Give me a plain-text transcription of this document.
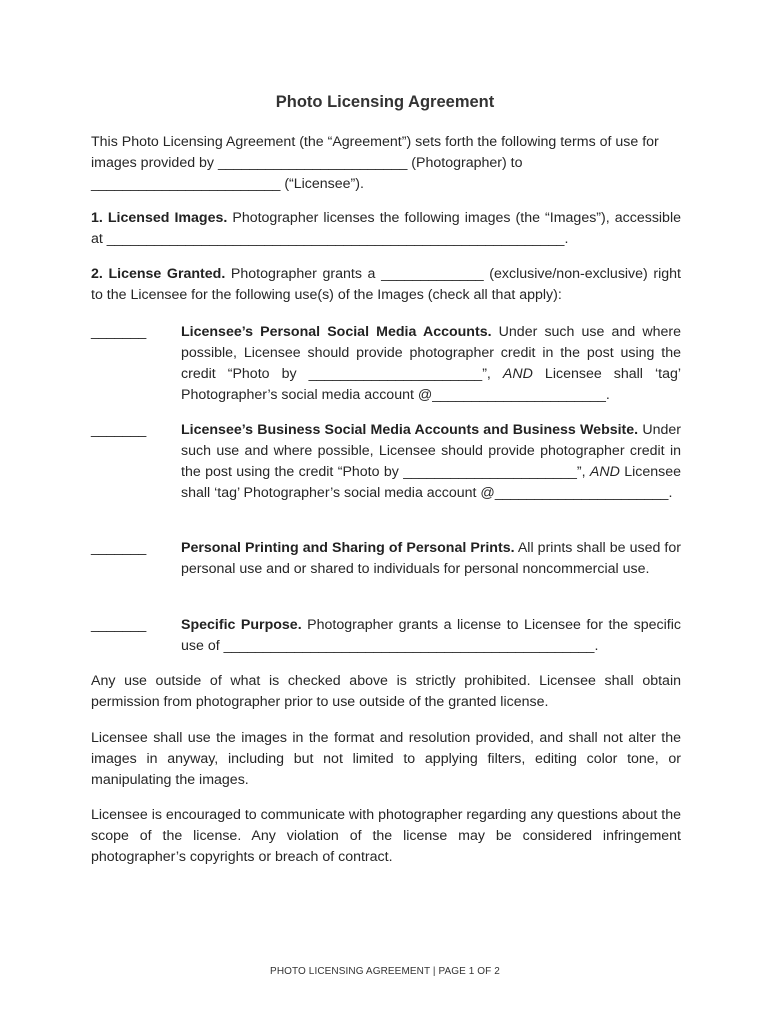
Photo Licensing Agreement
This Photo Licensing Agreement (the “Agreement”) sets forth the following terms of use for images provided by ________________________ (Photographer) to ________________________ (“Licensee”).
1. Licensed Images. Photographer licenses the following images (the “Images”), accessible at __________________________________________________________.
2. License Granted. Photographer grants a _____________ (exclusive/non-exclusive) right to the Licensee for the following use(s) of the Images (check all that apply):
_______	Licensee’s Personal Social Media Accounts. Under such use and where possible, Licensee should provide photographer credit in the post using the credit “Photo by ______________________”, AND Licensee shall ‘tag’ Photographer’s social media account @______________________.
_______	Licensee’s Business Social Media Accounts and Business Website. Under such use and where possible, Licensee should provide photographer credit in the post using the credit “Photo by ______________________”, AND Licensee shall ‘tag’ Photographer’s social media account @______________________.
_______	Personal Printing and Sharing of Personal Prints. All prints shall be used for personal use and or shared to individuals for personal noncommercial use.
_______	Specific Purpose. Photographer grants a license to Licensee for the specific use of _______________________________________________.
Any use outside of what is checked above is strictly prohibited. Licensee shall obtain permission from photographer prior to use outside of the granted license.
Licensee shall use the images in the format and resolution provided, and shall not alter the images in anyway, including but not limited to applying filters, editing color tone, or manipulating the images.
Licensee is encouraged to communicate with photographer regarding any questions about the scope of the license. Any violation of the license may be considered infringement photographer’s copyrights or breach of contract.
PHOTO LICENSING AGREEMENT | PAGE 1 OF 2
